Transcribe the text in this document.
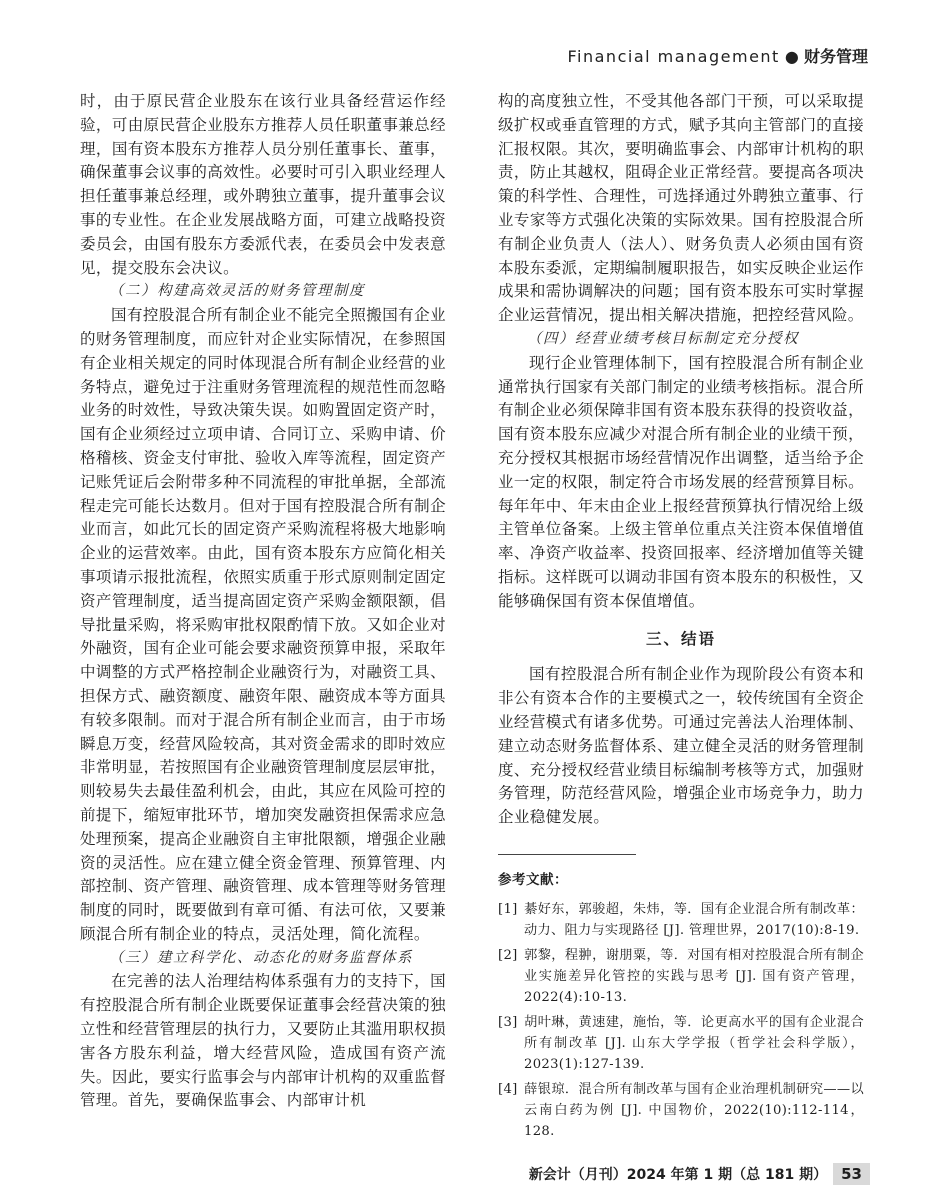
Financial management ● 财务管理

时，由于原民营企业股东在该行业具备经营运作经验，可由原民营企业股东方推荐人员任职董事兼总经理，国有资本股东方推荐人员分别任董事长、董事，确保董事会议事的高效性。必要时可引入职业经理人担任董事兼总经理，或外聘独立董事，提升董事会议事的专业性。在企业发展战略方面，可建立战略投资委员会，由国有股东方委派代表，在委员会中发表意见，提交股东会决议。

（二）构建高效灵活的财务管理制度

国有控股混合所有制企业不能完全照搬国有企业的财务管理制度，而应针对企业实际情况，在参照国有企业相关规定的同时体现混合所有制企业经营的业务特点，避免过于注重财务管理流程的规范性而忽略业务的时效性，导致决策失误。如购置固定资产时，国有企业须经过立项申请、合同订立、采购申请、价格稽核、资金支付审批、验收入库等流程，固定资产记账凭证后会附带多种不同流程的审批单据，全部流程走完可能长达数月。但对于国有控股混合所有制企业而言，如此冗长的固定资产采购流程将极大地影响企业的运营效率。由此，国有资本股东方应简化相关事项请示报批流程，依照实质重于形式原则制定固定资产管理制度，适当提高固定资产采购金额限额，倡导批量采购，将采购审批权限酌情下放。又如企业对外融资，国有企业可能会要求融资预算申报，采取年中调整的方式严格控制企业融资行为，对融资工具、担保方式、融资额度、融资年限、融资成本等方面具有较多限制。而对于混合所有制企业而言，由于市场瞬息万变，经营风险较高，其对资金需求的即时效应非常明显，若按照国有企业融资管理制度层层审批，则较易失去最佳盈利机会，由此，其应在风险可控的前提下，缩短审批环节，增加突发融资担保需求应急处理预案，提高企业融资自主审批限额，增强企业融资的灵活性。应在建立健全资金管理、预算管理、内部控制、资产管理、融资管理、成本管理等财务管理制度的同时，既要做到有章可循、有法可依，又要兼顾混合所有制企业的特点，灵活处理，简化流程。

（三）建立科学化、动态化的财务监督体系

在完善的法人治理结构体系强有力的支持下，国有控股混合所有制企业既要保证董事会经营决策的独立性和经营管理层的执行力，又要防止其滥用职权损害各方股东利益，增大经营风险，造成国有资产流失。因此，要实行监事会与内部审计机构的双重监督管理。首先，要确保监事会、内部审计机

构的高度独立性，不受其他各部门干预，可以采取提级扩权或垂直管理的方式，赋予其向主管部门的直接汇报权限。其次，要明确监事会、内部审计机构的职责，防止其越权，阻碍企业正常经营。要提高各项决策的科学性、合理性，可选择通过外聘独立董事、行业专家等方式强化决策的实际效果。国有控股混合所有制企业负责人（法人）、财务负责人必须由国有资本股东委派，定期编制履职报告，如实反映企业运作成果和需协调解决的问题；国有资本股东可实时掌握企业运营情况，提出相关解决措施，把控经营风险。

（四）经营业绩考核目标制定充分授权

现行企业管理体制下，国有控股混合所有制企业通常执行国家有关部门制定的业绩考核指标。混合所有制企业必须保障非国有资本股东获得的投资收益，国有资本股东应减少对混合所有制企业的业绩干预，充分授权其根据市场经营情况作出调整，适当给予企业一定的权限，制定符合市场发展的经营预算目标。每年年中、年末由企业上报经营预算执行情况给上级主管单位备案。上级主管单位重点关注资本保值增值率、净资产收益率、投资回报率、经济增加值等关键指标。这样既可以调动非国有资本股东的积极性，又能够确保国有资本保值增值。

三、结语

国有控股混合所有制企业作为现阶段公有资本和非公有资本合作的主要模式之一，较传统国有全资企业经营模式有诸多优势。可通过完善法人治理体制、建立动态财务监督体系、建立健全灵活的财务管理制度、充分授权经营业绩目标编制考核等方式，加强财务管理，防范经营风险，增强企业市场竞争力，助力企业稳健发展。

参考文献：
[1] 綦好东，郭骏超，朱炜，等．国有企业混合所有制改革：动力、阻力与实现路径 [J]. 管理世界，2017(10):8-19.
[2] 郭黎，程翀，谢朋粟，等．对国有相对控股混合所有制企业实施差异化管控的实践与思考 [J]. 国有资产管理，2022(4):10-13.
[3] 胡叶琳，黄速建，施怡，等．论更高水平的国有企业混合所有制改革 [J]. 山东大学学报（哲学社会科学版），2023(1):127-139.
[4] 薛银琼．混合所有制改革与国有企业治理机制研究——以云南白药为例 [J]. 中国物价，2022(10):112-114，128.
新会计（月刊）2024 年第 1 期（总 181 期） 53
